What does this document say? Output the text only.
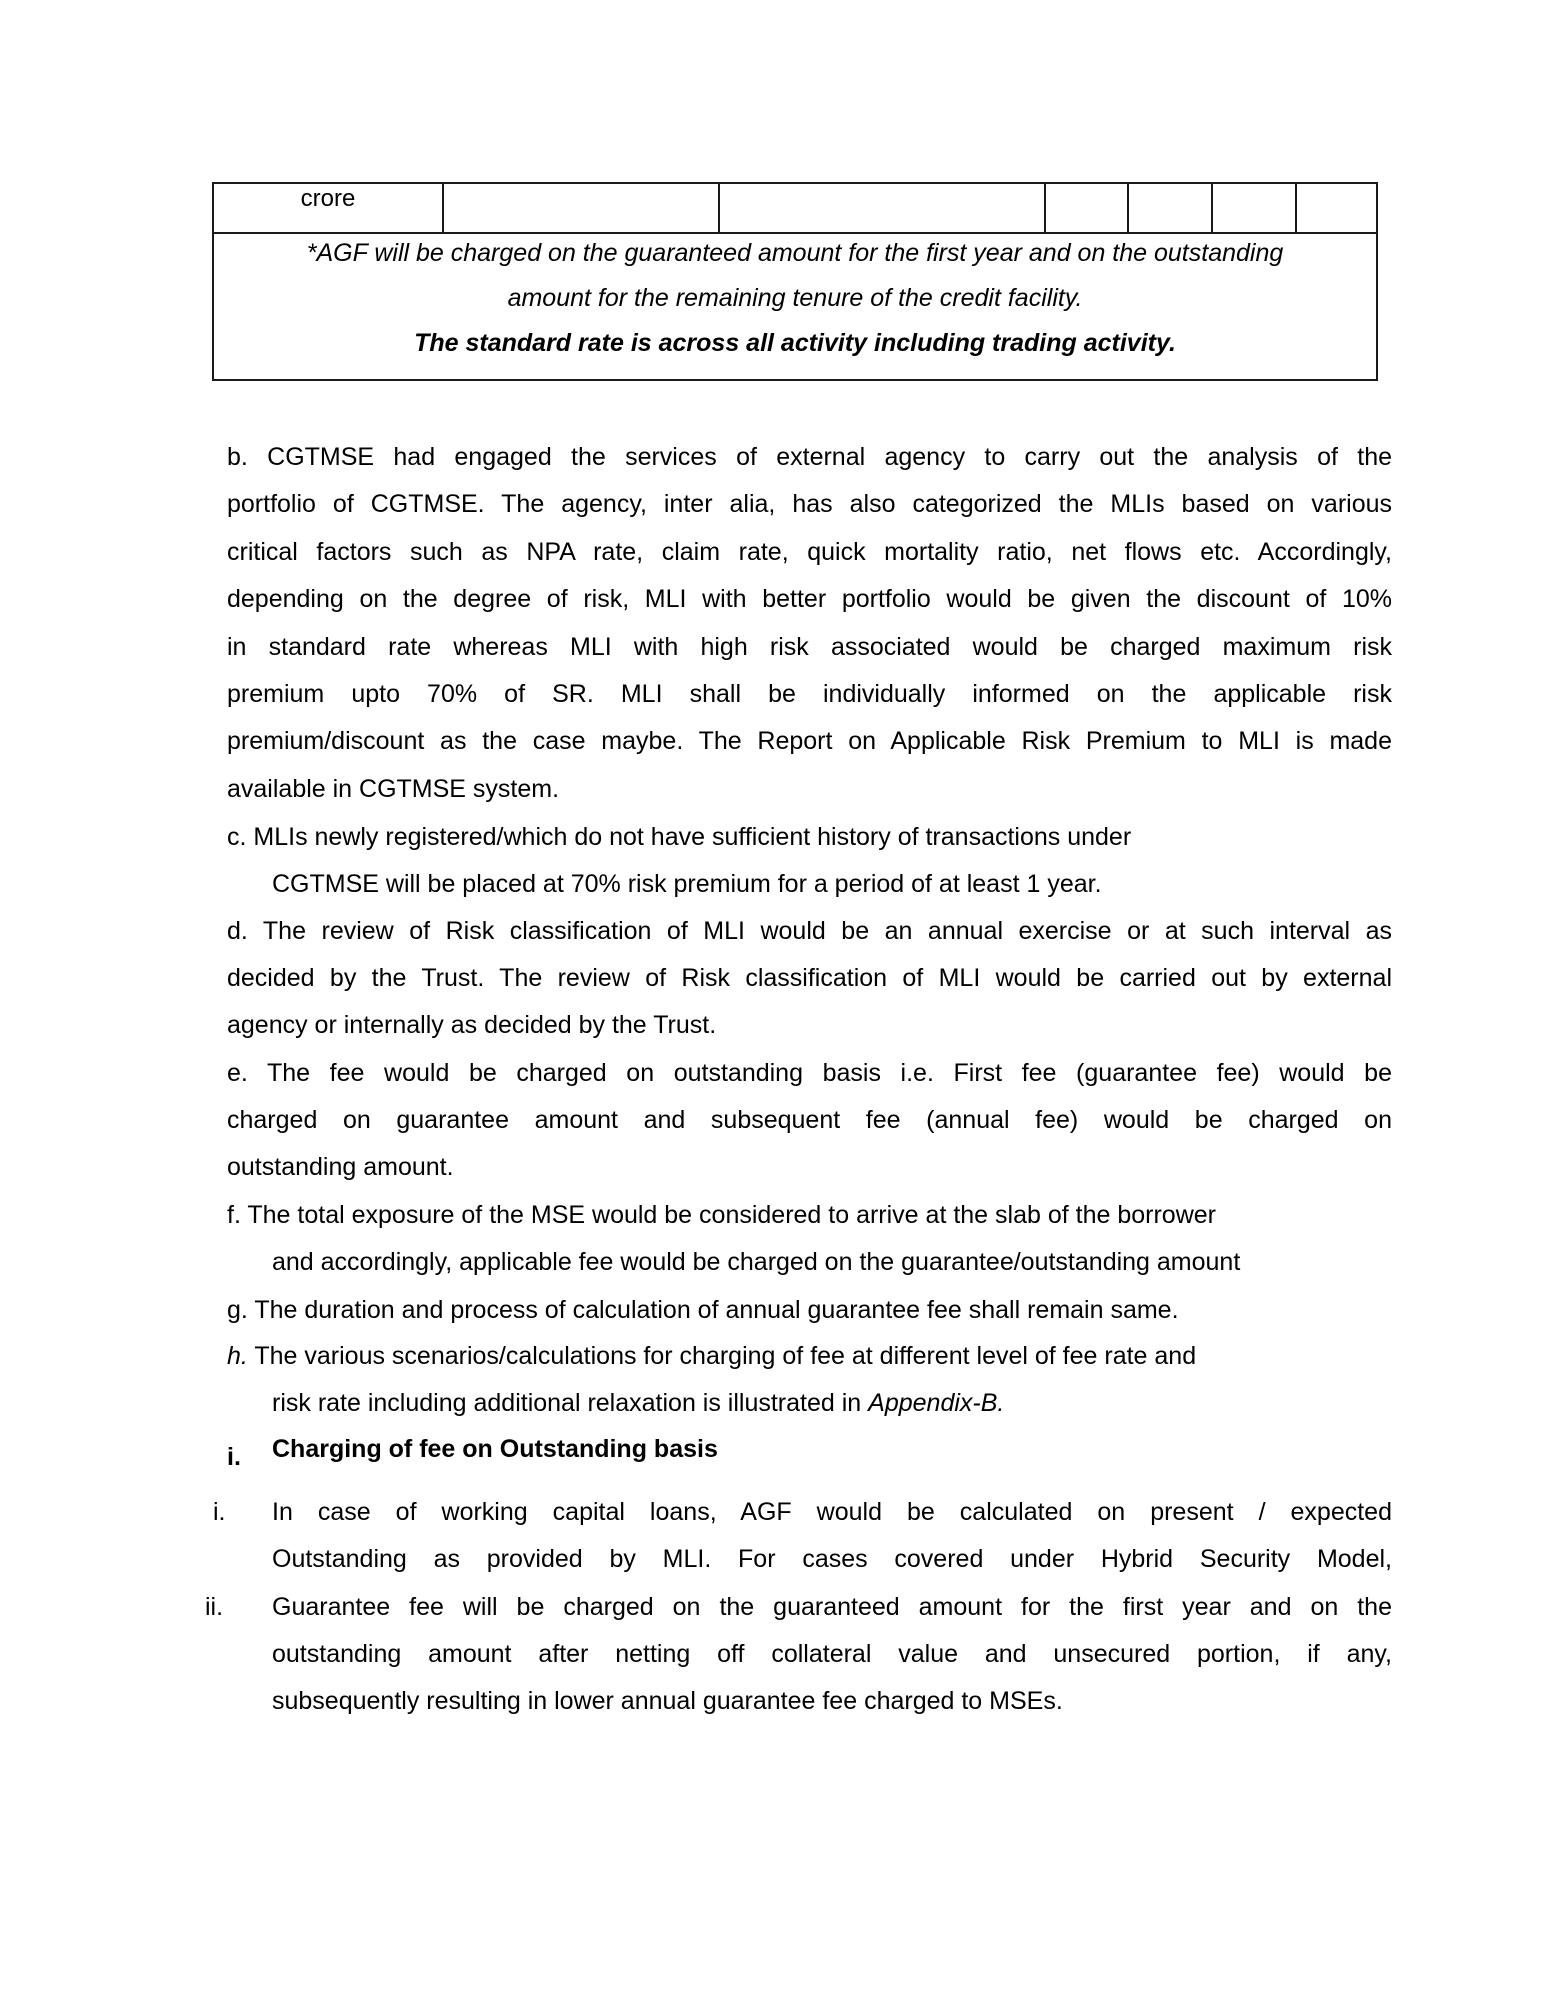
crore
*AGF will be charged on the guaranteed amount for the first year and on the outstanding
amount for the remaining tenure of the credit facility.
The standard rate is across all activity including trading activity.
b. CGTMSE had engaged the services of external agency to carry out the analysis of the
portfolio of CGTMSE. The agency, inter alia, has also categorized the MLIs based on various
critical factors such as NPA rate, claim rate, quick mortality ratio, net flows etc. Accordingly,
depending on the degree of risk, MLI with better portfolio would be given the discount of 10%
in standard rate whereas MLI with high risk associated would be charged maximum risk
premium upto 70% of SR. MLI shall be individually informed on the applicable risk
premium/discount as the case maybe. The Report on Applicable Risk Premium to MLI is made
available in CGTMSE system.
c. MLIs newly registered/which do not have sufficient history of transactions under
CGTMSE will be placed at 70% risk premium for a period of at least 1 year.
d. The review of Risk classification of MLI would be an annual exercise or at such interval as
decided by the Trust. The review of Risk classification of MLI would be carried out by external
agency or internally as decided by the Trust.
e. The fee would be charged on outstanding basis i.e. First fee (guarantee fee) would be
charged on guarantee amount and subsequent fee (annual fee) would be charged on
outstanding amount.
f. The total exposure of the MSE would be considered to arrive at the slab of the borrower
and accordingly, applicable fee would be charged on the guarantee/outstanding amount
g. The duration and process of calculation of annual guarantee fee shall remain same.
h. The various scenarios/calculations for charging of fee at different level of fee rate and
risk rate including additional relaxation is illustrated in Appendix-B.
i. Charging of fee on Outstanding basis
i.
ii.
In case of working capital loans, AGF would be calculated on present / expected
Outstanding as provided by MLI. For cases covered under Hybrid Security Model,
Guarantee fee will be charged on the guaranteed amount for the first year and on the
outstanding amount after netting off collateral value and unsecured portion, if any,
subsequently resulting in lower annual guarantee fee charged to MSEs.
